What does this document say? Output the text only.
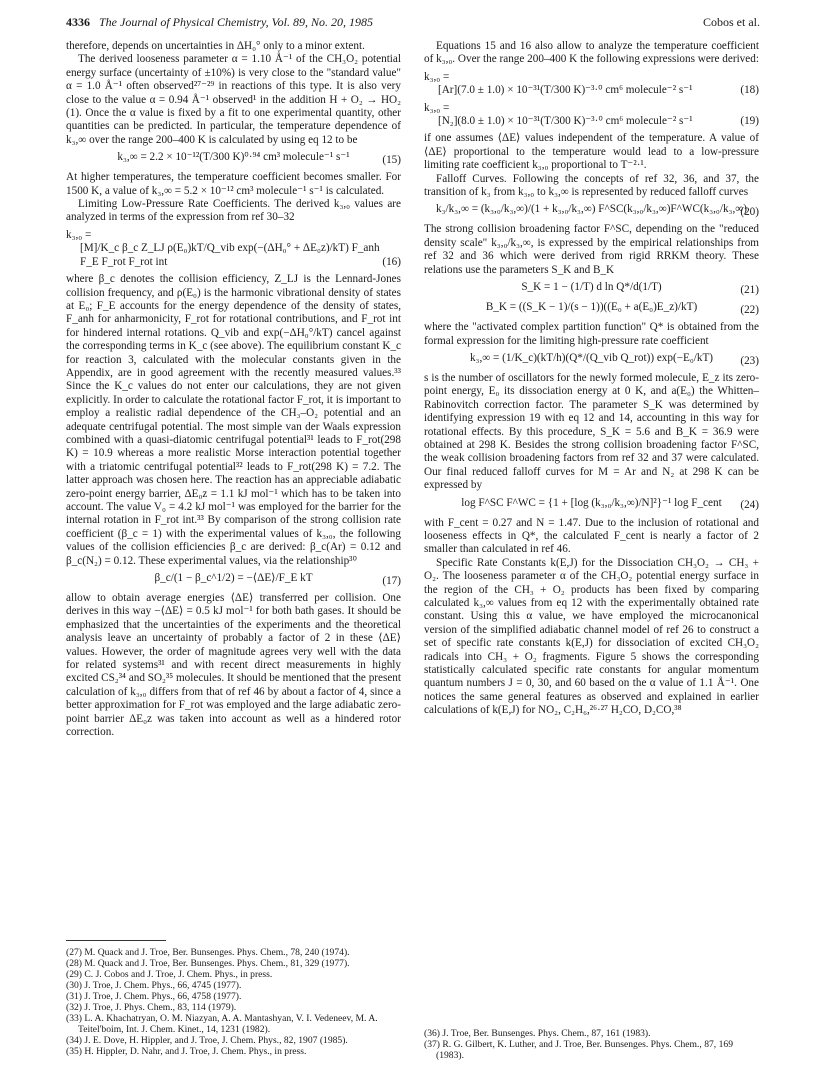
4336 The Journal of Physical Chemistry, Vol. 89, No. 20, 1985	Cobos et al.

therefore, depends on uncertainties in ΔH₀° only to a minor extent.

The derived looseness parameter α = 1.10 Å⁻¹ of the CH₃O₂ potential energy surface (uncertainty of ±10%) is very close to the "standard value" α = 1.0 Å⁻¹ often observed²⁷⁻²⁹ in reactions of this type. It is also very close to the value α = 0.94 Å⁻¹ observed¹ in the addition H + O₂ → HO₂ (1). Once the α value is fixed by a fit to one experimental quantity, other quantities can be predicted. In particular, the temperature dependence of k₃,∞ over the range 200–400 K is calculated by using eq 12 to be

k₃,∞ = 2.2 × 10⁻¹²(T/300 K)⁰·⁹⁴ cm³ molecule⁻¹ s⁻¹	(15)

At higher temperatures, the temperature coefficient becomes smaller. For 1500 K, a value of k₃,∞ = 5.2 × 10⁻¹² cm³ molecule⁻¹ s⁻¹ is calculated.

Limiting Low-Pressure Rate Coefficients. The derived k₃,₀ values are analyzed in terms of the expression from ref 30–32

k₃,₀ =
[M]/K_c β_c Z_LJ ρ(E₀)kT/Q_vib exp(−(ΔH₀° + ΔE₀z)/kT) F_anh F_E F_rot F_rot int	(16)

where β_c denotes the collision efficiency, Z_LJ is the Lennard-Jones collision frequency, and ρ(E₀) is the harmonic vibrational density of states at E₀; F_E accounts for the energy dependence of the density of states, F_anh for anharmonicity, F_rot for rotational contributions, and F_rot int for hindered internal rotations. Q_vib and exp(−ΔH₀°/kT) cancel against the corresponding terms in K_c (see above). The equilibrium constant K_c for reaction 3, calculated with the molecular constants given in the Appendix, are in good agreement with the recently measured values.³³ Since the K_c values do not enter our calculations, they are not given explicitly. In order to calculate the rotational factor F_rot, it is important to employ a realistic radial dependence of the CH₃–O₂ potential and an adequate centrifugal potential. The most simple van der Waals expression combined with a quasi-diatomic centrifugal potential³¹ leads to F_rot(298 K) = 10.9 whereas a more realistic Morse interaction potential together with a triatomic centrifugal potential³² leads to F_rot(298 K) = 7.2. The latter approach was chosen here. The reaction has an appreciable adiabatic zero-point energy barrier, ΔE₀z = 1.1 kJ mol⁻¹ which has to be taken into account. The value V₀ = 4.2 kJ mol⁻¹ was employed for the barrier for the internal rotation in F_rot int.³³ By comparison of the strong collision rate coefficient (β_c = 1) with the experimental values of k₃,₀, the following values of the collision efficiencies β_c are derived: β_c(Ar) = 0.12 and β_c(N₂) = 0.12. These experimental values, via the relationship³⁰

β_c/(1 − β_c^1/2) = −⟨ΔE⟩/F_E kT	(17)

allow to obtain average energies ⟨ΔE⟩ transferred per collision. One derives in this way −⟨ΔE⟩ = 0.5 kJ mol⁻¹ for both bath gases. It should be emphasized that the uncertainties of the experiments and the theoretical analysis leave an uncertainty of probably a factor of 2 in these ⟨ΔE⟩ values. However, the order of magnitude agrees very well with the data for related systems³¹ and with recent direct measurements in highly excited CS₂³⁴ and SO₂³⁵ molecules. It should be mentioned that the present calculation of k₃,₀ differs from that of ref 46 by about a factor of 4, since a better approximation for F_rot was employed and the large adiabatic zero-point barrier ΔE₀z was taken into account as well as a hindered rotor correction.

(27) M. Quack and J. Troe, Ber. Bunsenges. Phys. Chem., 78, 240 (1974).
(28) M. Quack and J. Troe, Ber. Bunsenges. Phys. Chem., 81, 329 (1977).
(29) C. J. Cobos and J. Troe, J. Chem. Phys., in press.
(30) J. Troe, J. Chem. Phys., 66, 4745 (1977).
(31) J. Troe, J. Chem. Phys., 66, 4758 (1977).
(32) J. Troe, J. Phys. Chem., 83, 114 (1979).
(33) L. A. Khachatryan, O. M. Niazyan, A. A. Mantashyan, V. I. Vedeneev, M. A. Teitel'boim, Int. J. Chem. Kinet., 14, 1231 (1982).
(34) J. E. Dove, H. Hippler, and J. Troe, J. Chem. Phys., 82, 1907 (1985).
(35) H. Hippler, D. Nahr, and J. Troe, J. Chem. Phys., in press.

Equations 15 and 16 also allow to analyze the temperature coefficient of k₃,₀. Over the range 200–400 K the following expressions were derived:

k₃,₀ =
[Ar](7.0 ± 1.0) × 10⁻³¹(T/300 K)⁻³·⁰ cm⁶ molecule⁻² s⁻¹	(18)
k₃,₀ =
[N₂](8.0 ± 1.0) × 10⁻³¹(T/300 K)⁻³·⁰ cm⁶ molecule⁻² s⁻¹	(19)

if one assumes ⟨ΔE⟩ values independent of the temperature. A value of ⟨ΔE⟩ proportional to the temperature would lead to a low-pressure limiting rate coefficient k₃,₀ proportional to T⁻²·¹.

Falloff Curves. Following the concepts of ref 32, 36, and 37, the transition of k₃ from k₃,₀ to k₃,∞ is represented by reduced falloff curves

k₃/k₃,∞ = (k₃,₀/k₃,∞)/(1 + k₃,₀/k₃,∞) F^SC(k₃,₀/k₃,∞)F^WC(k₃,₀/k₃,∞)
(20)

The strong collision broadening factor F^SC, depending on the "reduced density scale" k₃,₀/k₃,∞, is expressed by the empirical relationships from ref 32 and 36 which were derived from rigid RRKM theory. These relations use the parameters S_K and B_K

S_K = 1 − (1/T) d ln Q*/d(1/T)	(21)
B_K = ((S_K − 1)/(s − 1))((E₀ + a(E₀)E_z)/kT)	(22)

where the "activated complex partition function" Q* is obtained from the formal expression for the limiting high-pressure rate coefficient

k₃,∞ = (1/K_c)(kT/h)(Q*/(Q_vib Q_rot)) exp(−E₀/kT)	(23)

s is the number of oscillators for the newly formed molecule, E_z its zero-point energy, E₀ its dissociation energy at 0 K, and a(E₀) the Whitten–Rabinovitch correction factor. The parameter S_K was determined by identifying expression 19 with eq 12 and 14, accounting in this way for rotational effects. By this procedure, S_K = 5.6 and B_K = 36.9 were obtained at 298 K. Besides the strong collision broadening factor F^SC, the weak collision broadening factors from ref 32 and 37 were calculated. Our final reduced falloff curves for M = Ar and N₂ at 298 K can be expressed by

log F^SC F^WC = {1 + [log (k₃,₀/k₃,∞)/N]²}⁻¹ log F_cent	(24)

with F_cent = 0.27 and N = 1.47. Due to the inclusion of rotational and looseness effects in Q*, the calculated F_cent is nearly a factor of 2 smaller than calculated in ref 46.

Specific Rate Constants k(E,J) for the Dissociation CH₃O₂ → CH₃ + O₂. The looseness parameter α of the CH₃O₂ potential energy surface in the region of the CH₃ + O₂ products has been fixed by comparing calculated k₃,∞ values from eq 12 with the experimentally obtained rate constant. Using this α value, we have employed the microcanonical version of the simplified adiabatic channel model of ref 26 to construct a set of specific rate constants k(E,J) for dissociation of excited CH₃O₂ radicals into CH₃ + O₂ fragments. Figure 5 shows the corresponding statistically calculated specific rate constants for angular momentum quantum numbers J = 0, 30, and 60 based on the α value of 1.1 Å⁻¹. One notices the same general features as observed and explained in earlier calculations of k(E,J) for NO₂, C₂H₆,²⁶·²⁷ H₂CO, D₂CO,³⁸

(36) J. Troe, Ber. Bunsenges. Phys. Chem., 87, 161 (1983).
(37) R. G. Gilbert, K. Luther, and J. Troe, Ber. Bunsenges. Phys. Chem., 87, 169 (1983).
